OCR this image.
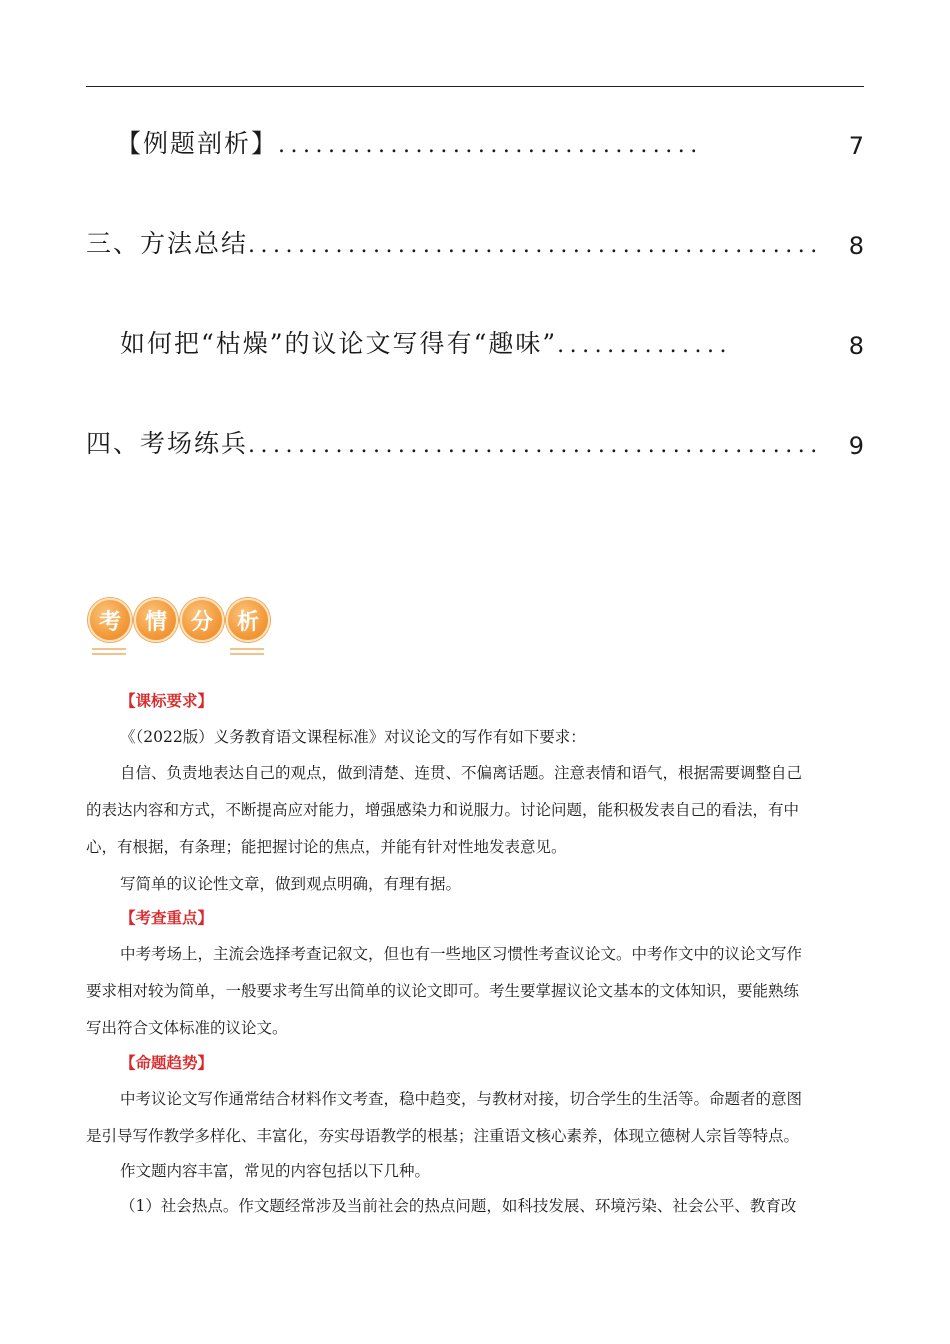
【例题剖析】 ..................................	7
三、方法总结 ..............................................	8
如何把“枯燥”的议论文写得有“趣味” ..............	8
四、考场练兵 ..............................................	9
考	情	分	析
【课标要求】
《（2022版）义务教育语文课程标准》对议论文的写作有如下要求：
自信、负责地表达自己的观点，做到清楚、连贯、不偏离话题。注意表情和语气，根据需要调整自己
的表达内容和方式，不断提高应对能力，增强感染力和说服力。讨论问题，能积极发表自己的看法，有中
心，有根据，有条理；能把握讨论的焦点，并能有针对性地发表意见。
写简单的议论性文章，做到观点明确，有理有据。
【考查重点】
中考考场上，主流会选择考查记叙文，但也有一些地区习惯性考查议论文。中考作文中的议论文写作
要求相对较为简单，一般要求考生写出简单的议论文即可。考生要掌握议论文基本的文体知识，要能熟练
写出符合文体标准的议论文。
【命题趋势】
中考议论文写作通常结合材料作文考查，稳中趋变，与教材对接，切合学生的生活等。命题者的意图
是引导写作教学多样化、丰富化，夯实母语教学的根基；注重语文核心素养，体现立德树人宗旨等特点。
作文题内容丰富，常见的内容包括以下几种。
（1）社会热点。作文题经常涉及当前社会的热点问题，如科技发展、环境污染、社会公平、教育改
